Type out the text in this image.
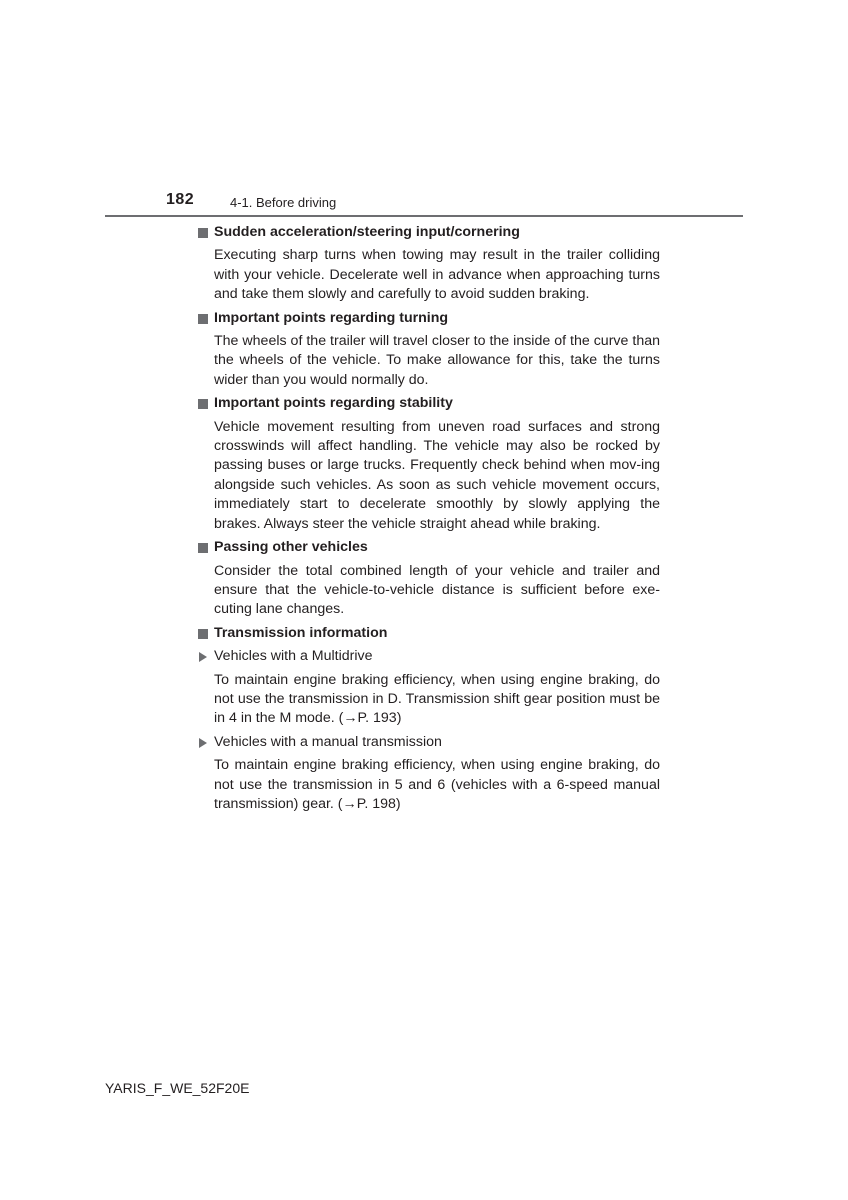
182	4-1. Before driving
Sudden acceleration/steering input/cornering

Executing sharp turns when towing may result in the trailer colliding with your vehicle. Decelerate well in advance when approaching turns and take them slowly and carefully to avoid sudden braking.

Important points regarding turning

The wheels of the trailer will travel closer to the inside of the curve than the wheels of the vehicle. To make allowance for this, take the turns wider than you would normally do.

Important points regarding stability

Vehicle movement resulting from uneven road surfaces and strong crosswinds will affect handling. The vehicle may also be rocked by passing buses or large trucks. Frequently check behind when mov-ing alongside such vehicles. As soon as such vehicle movement occurs, immediately start to decelerate smoothly by slowly applying the brakes. Always steer the vehicle straight ahead while braking.

Passing other vehicles

Consider the total combined length of your vehicle and trailer and ensure that the vehicle-to-vehicle distance is sufficient before exe-cuting lane changes.

Transmission information
Vehicles with a Multidrive

To maintain engine braking efficiency, when using engine braking, do not use the transmission in D. Transmission shift gear position must be in 4 in the M mode. (→P. 193)

Vehicles with a manual transmission

To maintain engine braking efficiency, when using engine braking, do not use the transmission in 5 and 6 (vehicles with a 6-speed manual transmission) gear. (→P. 198)

YARIS_F_WE_52F20E
